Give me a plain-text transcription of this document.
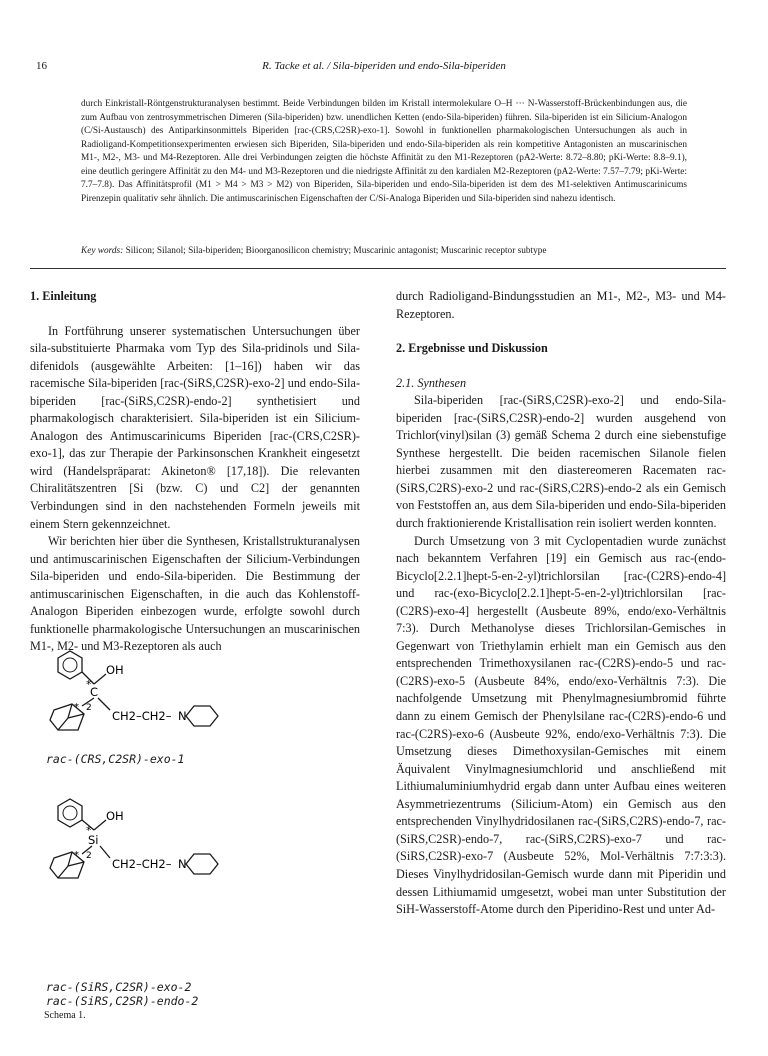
16	R. Tacke et al. / Sila-biperiden und endo-Sila-biperiden
durch Einkristall-Röntgenstrukturanalysen bestimmt. Beide Verbindungen bilden im Kristall intermolekulare O–H ··· N-Wasserstoff-Brückenbindungen aus, die zum Aufbau von zentrosymmetrischen Dimeren (Sila-biperiden) bzw. unendlichen Ketten (endo-Sila-biperiden) führen. Sila-biperiden ist ein Silicium-Analogon (C/Si-Austausch) des Antiparkinsonmittels Biperiden [rac-(CRS,C2SR)-exo-1]. Sowohl in funktionellen pharmakologischen Untersuchungen als auch in Radioligand-Kompetitionsexperimenten erwiesen sich Biperiden, Sila-biperiden und endo-Sila-biperiden als rein kompetitive Antagonisten an muscarinischen M1-, M2-, M3- und M4-Rezeptoren. Alle drei Verbindungen zeigten die höchste Affinität zu den M1-Rezeptoren (pA2-Werte: 8.72–8.80; pKi-Werte: 8.8–9.1), eine deutlich geringere Affinität zu den M4- und M3-Rezeptoren und die niedrigste Affinität zu den kardialen M2-Rezeptoren (pA2-Werte: 7.57–7.79; pKi-Werte: 7.7–7.8). Das Affinitätsprofil (M1 > M4 > M3 > M2) von Biperiden, Sila-biperiden und endo-Sila-biperiden ist dem des M1-selektiven Antimuscarinicums Pirenzepin qualitativ sehr ähnlich. Die antimuscarinischen Eigenschaften der C/Si-Analoga Biperiden und Sila-biperiden sind nahezu identisch.
Key words: Silicon; Silanol; Sila-biperiden; Bioorganosilicon chemistry; Muscarinic antagonist; Muscarinic receptor subtype

1. Einleitung

In Fortführung unserer systematischen Untersuchungen über sila-substituierte Pharmaka vom Typ des Sila-pridinols und Sila-difenidols (ausgewählte Arbeiten: [1–16]) haben wir das racemische Sila-biperiden [rac-(SiRS,C2SR)-exo-2] und endo-Sila-biperiden [rac-(SiRS,C2SR)-endo-2] synthetisiert und pharmakologisch charakterisiert. Sila-biperiden ist ein Silicium-Analogon des Antimuscarinicums Biperiden [rac-(CRS,C2SR)-exo-1], das zur Therapie der Parkinsonschen Krankheit eingesetzt wird (Handelspräparat: Akineton® [17,18]). Die relevanten Chiralitätszentren [Si (bzw. C) und C2] der genannten Verbindungen sind in den nachstehenden Formeln jeweils mit einem Stern gekennzeichnet.

Wir berichten hier über die Synthesen, Kristallstrukturanalysen und antimuscarinischen Eigenschaften der Silicium-Verbindungen Sila-biperiden und endo-Sila-biperiden. Die Bestimmung der antimuscarinischen Eigenschaften, in die auch das Kohlenstoff-Analogon Biperiden einbezogen wurde, erfolgte sowohl durch funktionelle pharmakologische Untersuchungen an muscarinischen M1-, M2- und M3-Rezeptoren als auch

*
OH
C
* 2
CH2–CH2– N
rac-(CRS,C2SR)-exo-1
*
OH
Si
* 2
CH2–CH2– N
rac-(SiRS,C2SR)-exo-2
rac-(SiRS,C2SR)-endo-2
Schema 1.

durch Radioligand-Bindungsstudien an M1-, M2-, M3- und M4-Rezeptoren.

2. Ergebnisse und Diskussion

2.1. Synthesen

Sila-biperiden [rac-(SiRS,C2SR)-exo-2] und endo-Sila-biperiden [rac-(SiRS,C2SR)-endo-2] wurden ausgehend von Trichlor(vinyl)silan (3) gemäß Schema 2 durch eine siebenstufige Synthese hergestellt. Die beiden racemischen Silanole fielen hierbei zusammen mit den diastereomeren Racematen rac-(SiRS,C2RS)-exo-2 und rac-(SiRS,C2RS)-endo-2 als ein Gemisch von Feststoffen an, aus dem Sila-biperiden und endo-Sila-biperiden durch fraktionierende Kristallisation rein isoliert werden konnten.

Durch Umsetzung von 3 mit Cyclopentadien wurde zunächst nach bekanntem Verfahren [19] ein Gemisch aus rac-(endo-Bicyclo[2.2.1]hept-5-en-2-yl)trichlorsilan [rac-(C2RS)-endo-4] und rac-(exo-Bicyclo[2.2.1]hept-5-en-2-yl)trichlorsilan [rac-(C2RS)-exo-4] hergestellt (Ausbeute 89%, endo/exo-Verhältnis 7:3). Durch Methanolyse dieses Trichlorsilan-Gemisches in Gegenwart von Triethylamin erhielt man ein Gemisch aus den entsprechenden Trimethoxysilanen rac-(C2RS)-endo-5 und rac-(C2RS)-exo-5 (Ausbeute 84%, endo/exo-Verhältnis 7:3). Die nachfolgende Umsetzung mit Phenylmagnesiumbromid führte dann zu einem Gemisch der Phenylsilane rac-(C2RS)-endo-6 und rac-(C2RS)-exo-6 (Ausbeute 92%, endo/exo-Verhältnis 7:3). Die Umsetzung dieses Dimethoxysilan-Gemisches mit einem Äquivalent Vinylmagnesiumchlorid und anschließend mit Lithiumaluminiumhydrid ergab dann unter Aufbau eines weiteren Asymmetriezentrums (Silicium-Atom) ein Gemisch aus den entsprechenden Vinylhydridosilanen rac-(SiRS,C2RS)-endo-7, rac-(SiRS,C2SR)-endo-7, rac-(SiRS,C2RS)-exo-7 und rac-(SiRS,C2SR)-exo-7 (Ausbeute 52%, Mol-Verhältnis 7:7:3:3). Dieses Vinylhydridosilan-Gemisch wurde dann mit Piperidin und dessen Lithiumamid umgesetzt, wobei man unter Substitution der SiH-Wasserstoff-Atome durch den Piperidino-Rest und unter Ad-
